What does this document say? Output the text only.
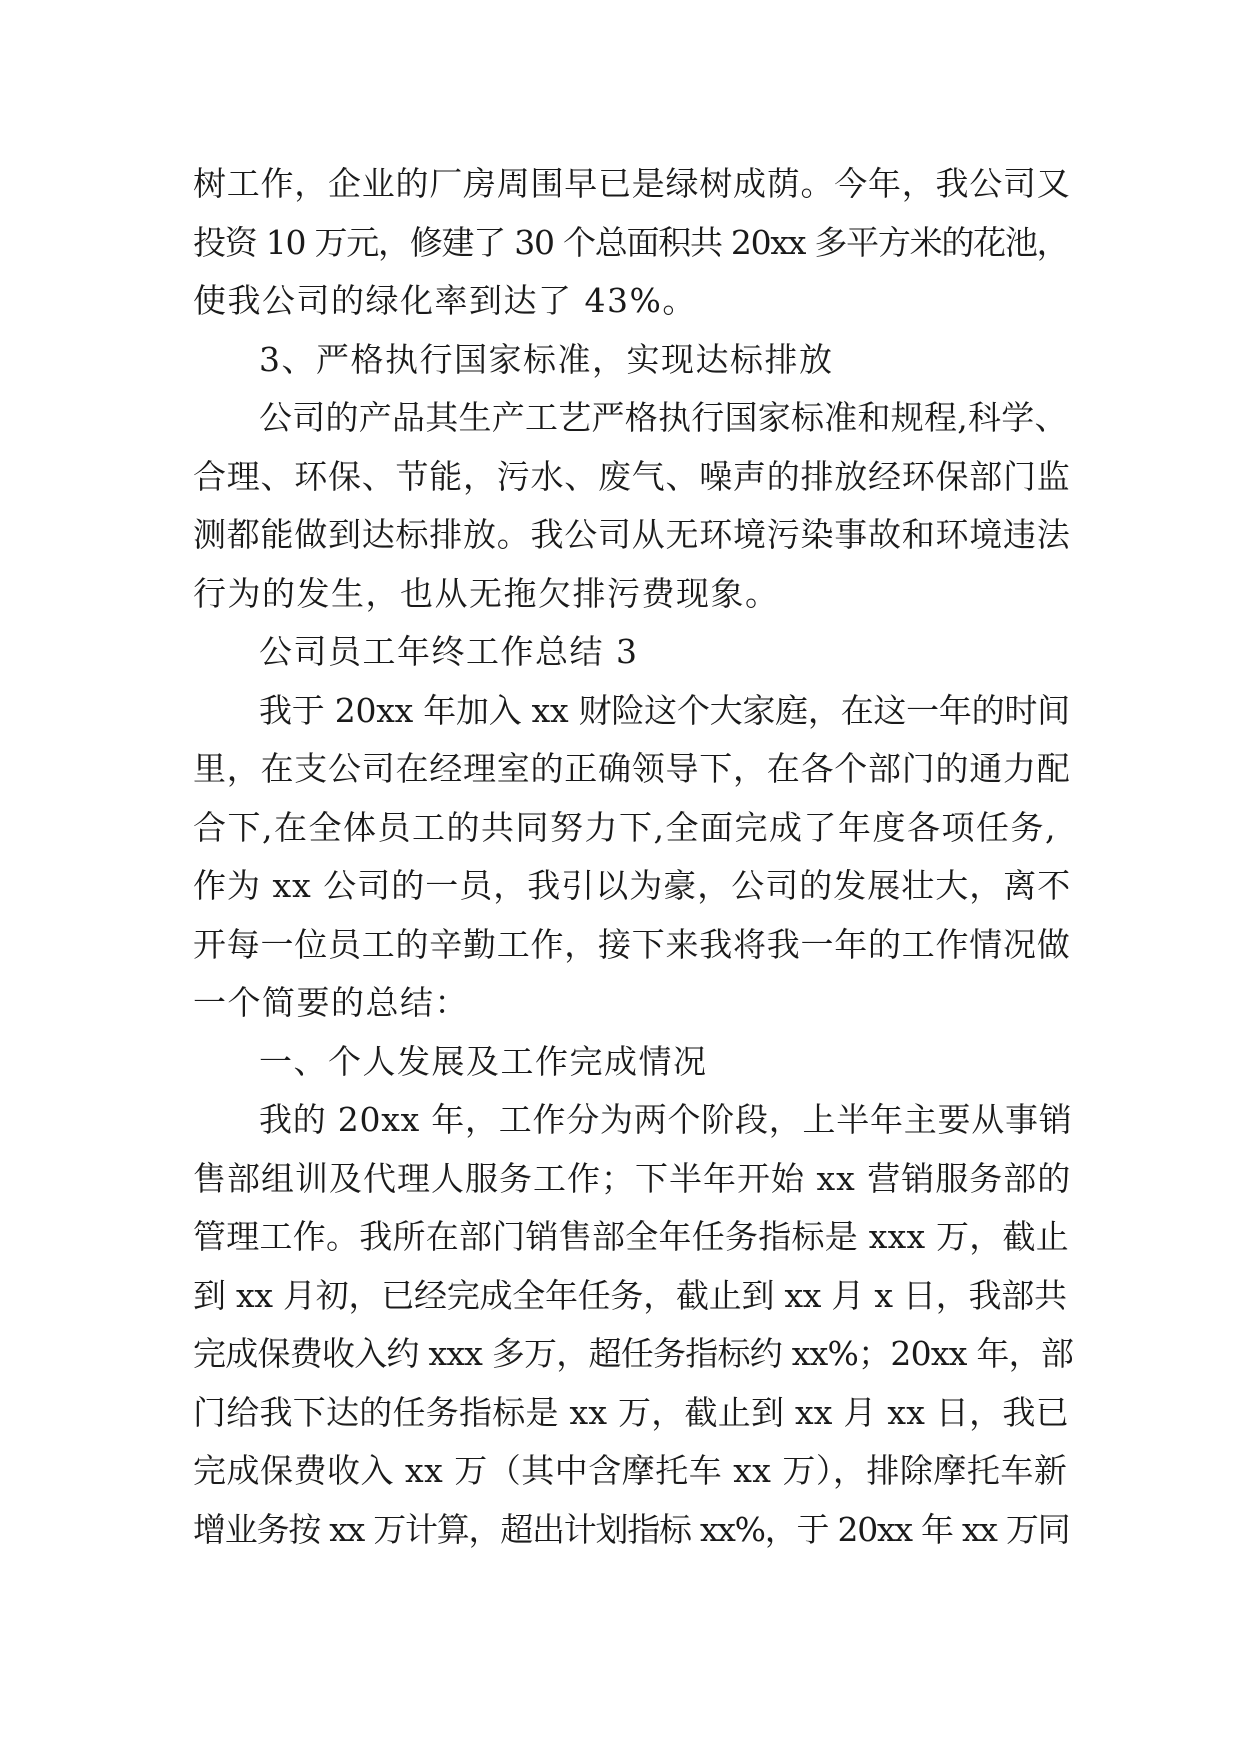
树工作，企业的厂房周围早已是绿树成荫。今年，我公司又
投资 10 万元，修建了 30 个总面积共 20xx 多平方米的花池，
使我公司的绿化率到达了 43%。
3、严格执行国家标准，实现达标排放
公司的产品其生产工艺严格执行国家标准和规程,科学、
合理、环保、节能，污水、废气、噪声的排放经环保部门监
测都能做到达标排放。我公司从无环境污染事故和环境违法
行为的发生，也从无拖欠排污费现象。
公司员工年终工作总结 3
我于 20xx 年加入 xx 财险这个大家庭，在这一年的时间
里，在支公司在经理室的正确领导下，在各个部门的通力配
合下,在全体员工的共同努力下,全面完成了年度各项任务,
作为 xx 公司的一员，我引以为豪，公司的发展壮大，离不
开每一位员工的辛勤工作，接下来我将我一年的工作情况做
一个简要的总结：
一、个人发展及工作完成情况
我的 20xx 年，工作分为两个阶段，上半年主要从事销
售部组训及代理人服务工作；下半年开始 xx 营销服务部的
管理工作。我所在部门销售部全年任务指标是 xxx 万，截止
到 xx 月初，已经完成全年任务，截止到 xx 月 x 日，我部共
完成保费收入约 xxx 多万，超任务指标约 xx%；20xx 年，部
门给我下达的任务指标是 xx 万，截止到 xx 月 xx 日，我已
完成保费收入 xx 万（其中含摩托车 xx 万），排除摩托车新
增业务按 xx 万计算，超出计划指标 xx%，于 20xx 年 xx 万同
